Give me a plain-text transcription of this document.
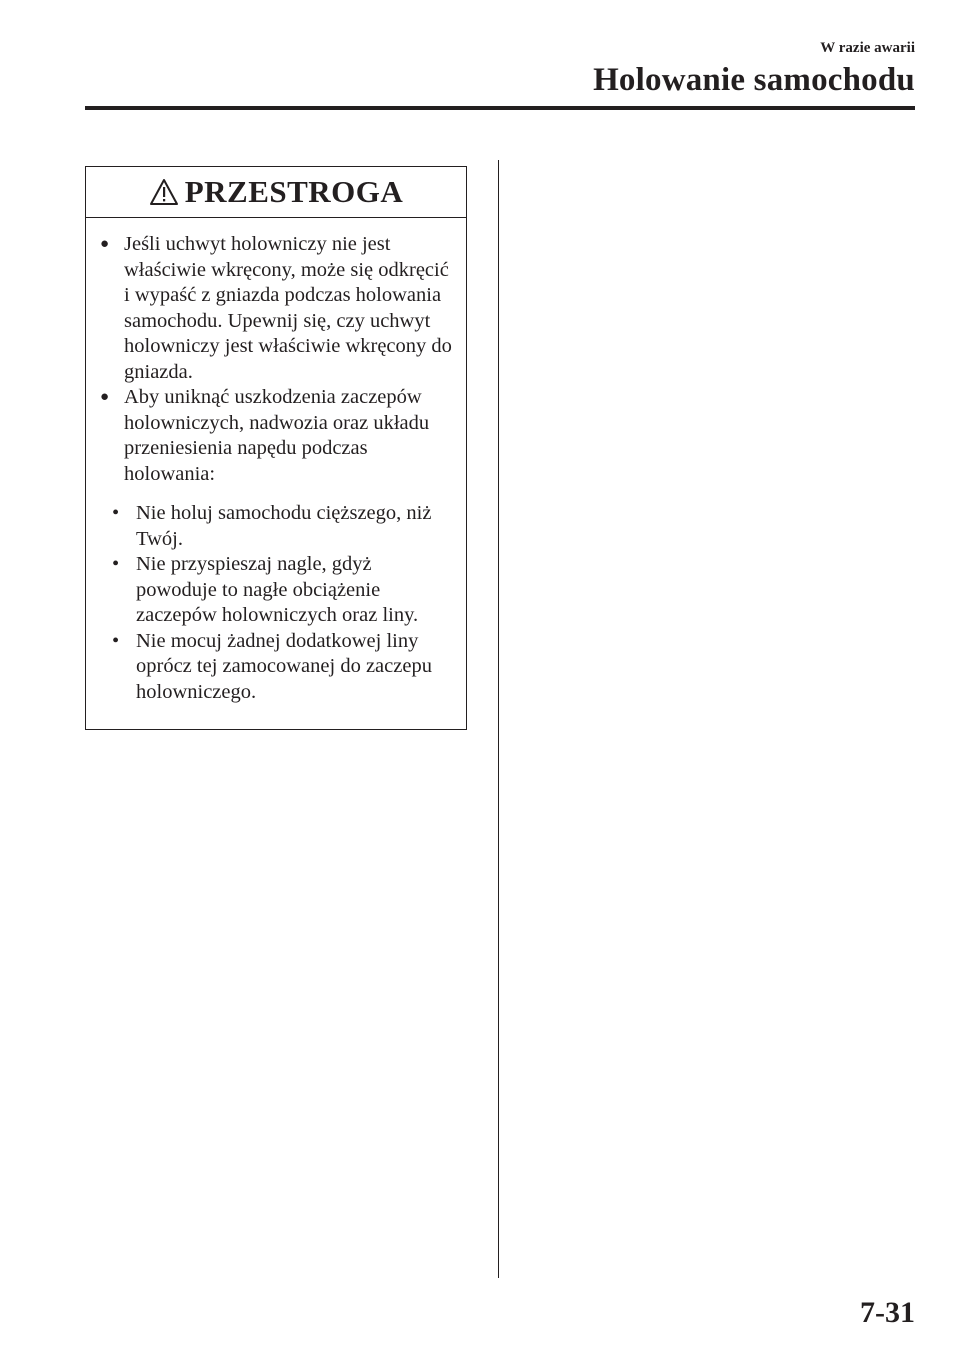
W razie awarii
Holowanie samochodu
PRZESTROGA
● Jeśli uchwyt holowniczy nie jest właściwie wkręcony, może się odkręcić i wypaść z gniazda podczas holowania samochodu. Upewnij się, czy uchwyt holowniczy jest właściwie wkręcony do gniazda.
● Aby uniknąć uszkodzenia zaczepów holowniczych, nadwozia oraz układu przeniesienia napędu podczas holowania:
• Nie holuj samochodu cięższego, niż Twój.
• Nie przyspieszaj nagle, gdyż powoduje to nagłe obciążenie zaczepów holowniczych oraz liny.
• Nie mocuj żadnej dodatkowej liny oprócz tej zamocowanej do zaczepu holowniczego.
7-31
